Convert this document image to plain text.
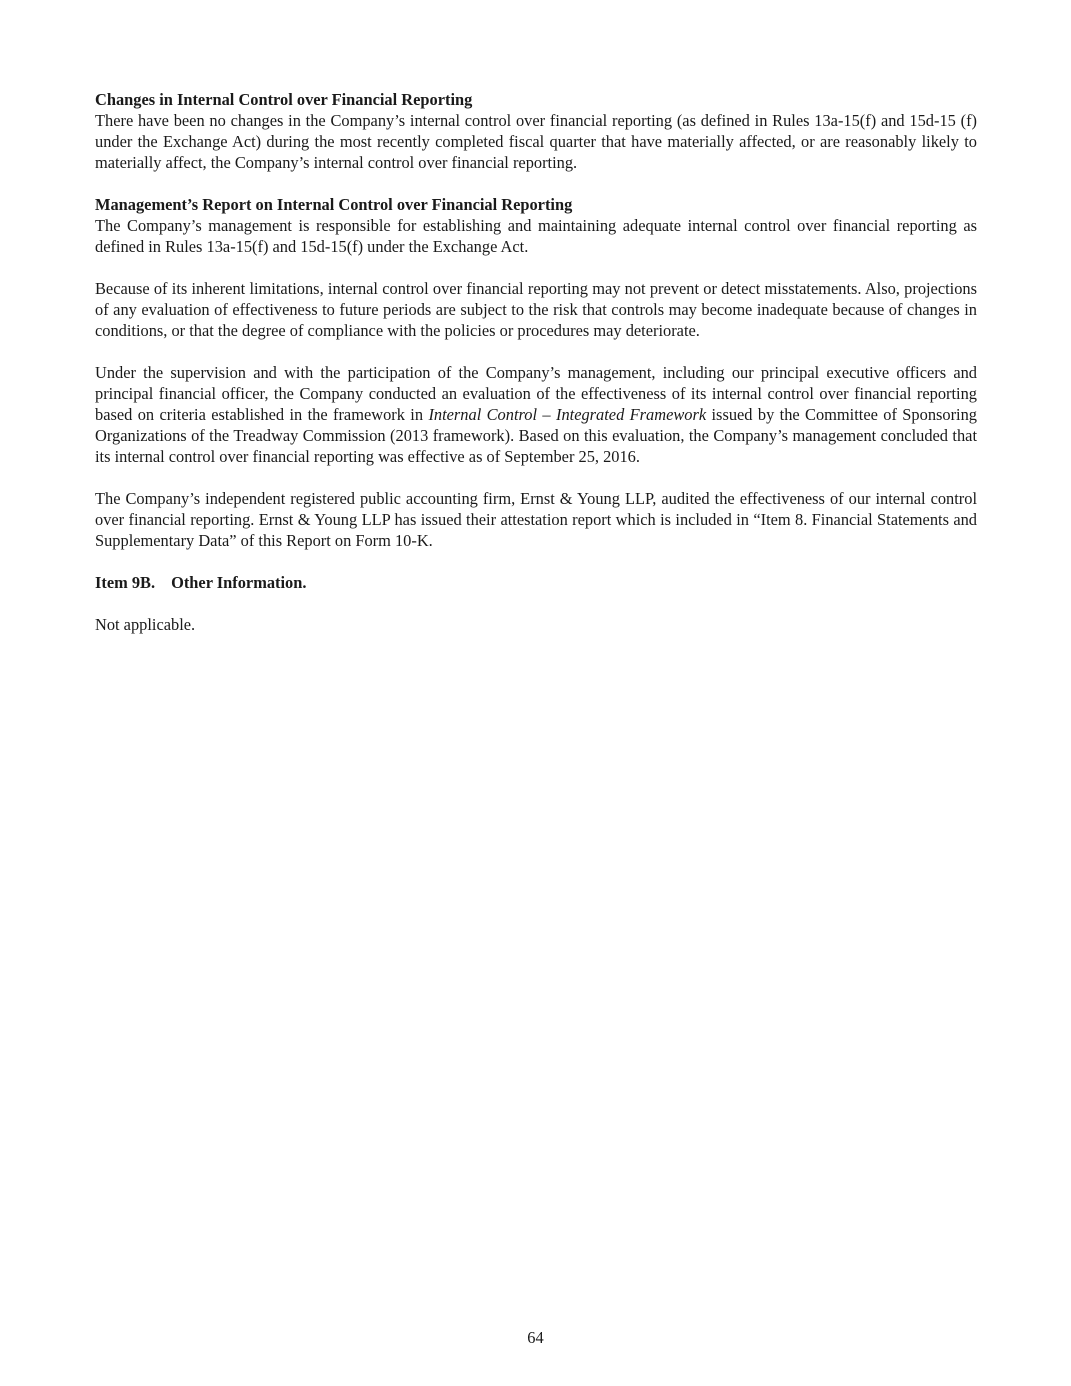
Changes in Internal Control over Financial Reporting

There have been no changes in the Company’s internal control over financial reporting (as defined in Rules 13a-15(f) and 15d-15 (f) under the Exchange Act) during the most recently completed fiscal quarter that have materially affected, or are reasonably likely to materially affect, the Company’s internal control over financial reporting.

Management’s Report on Internal Control over Financial Reporting

The Company’s management is responsible for establishing and maintaining adequate internal control over financial reporting as defined in Rules 13a-15(f) and 15d-15(f) under the Exchange Act.

Because of its inherent limitations, internal control over financial reporting may not prevent or detect misstatements. Also, projections of any evaluation of effectiveness to future periods are subject to the risk that controls may become inadequate because of changes in conditions, or that the degree of compliance with the policies or procedures may deteriorate.

Under the supervision and with the participation of the Company’s management, including our principal executive officers and principal financial officer, the Company conducted an evaluation of the effectiveness of its internal control over financial reporting based on criteria established in the framework in Internal Control – Integrated Framework issued by the Committee of Sponsoring Organizations of the Treadway Commission (2013 framework). Based on this evaluation, the Company’s management concluded that its internal control over financial reporting was effective as of September 25, 2016.

The Company’s independent registered public accounting firm, Ernst & Young LLP, audited the effectiveness of our internal control over financial reporting. Ernst & Young LLP has issued their attestation report which is included in “Item 8. Financial Statements and Supplementary Data” of this Report on Form 10-K.

Item 9B. Other Information.

Not applicable.

64
